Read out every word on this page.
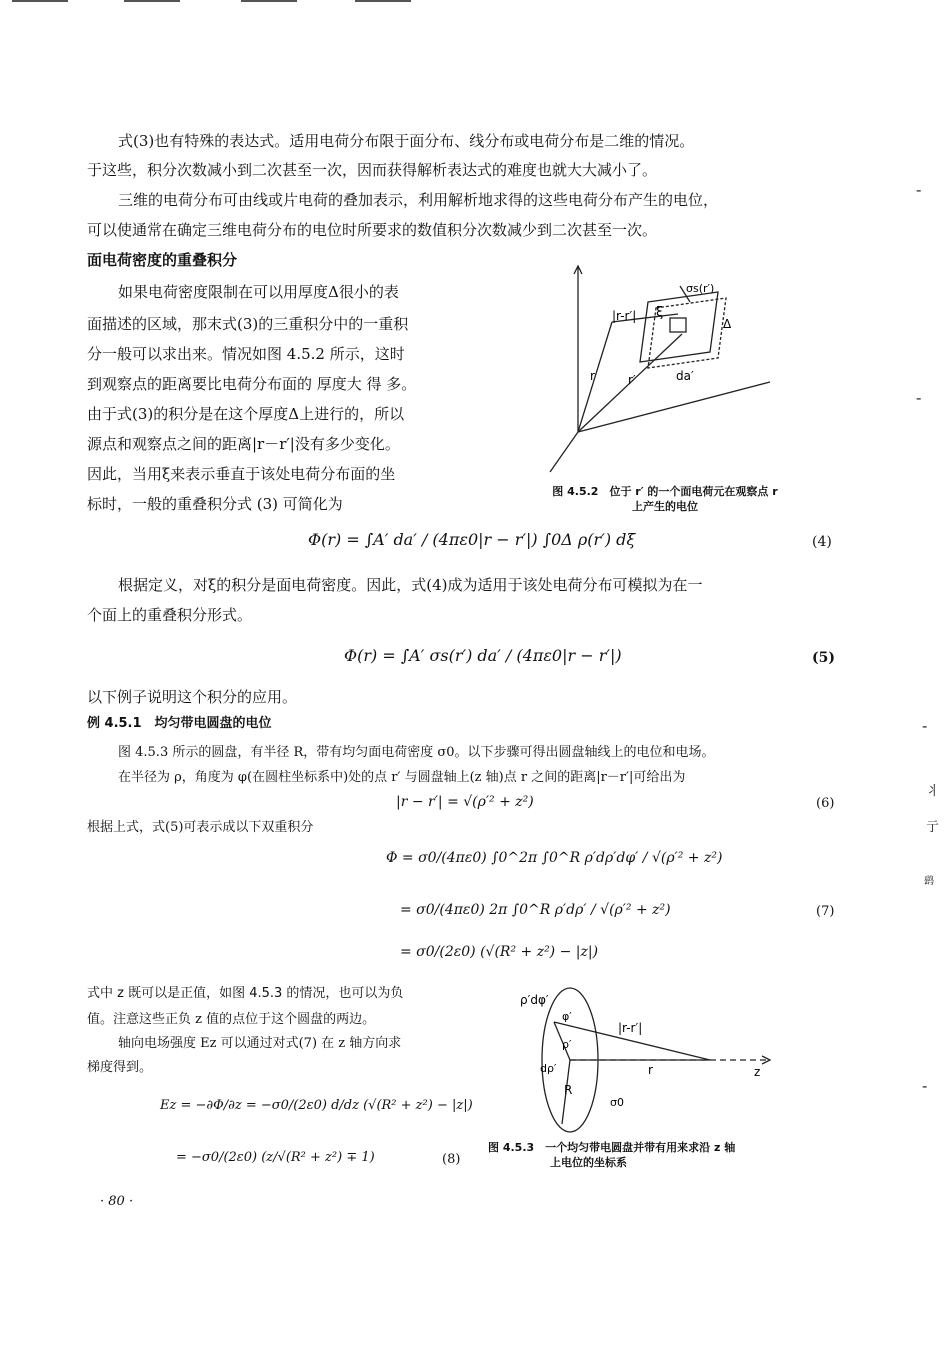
式(3)也有特殊的表达式。适用电荷分布限于面分布、线分布或电荷分布是二维的情况。
于这些，积分次数减小到二次甚至一次，因而获得解析表达式的难度也就大大减小了。
三维的电荷分布可由线或片电荷的叠加表示，利用解析地求得的这些电荷分布产生的电位，
可以使通常在确定三维电荷分布的电位时所要求的数值积分次数减少到二次甚至一次。
面电荷密度的重叠积分
如果电荷密度限制在可以用厚度Δ很小的表
面描述的区域，那末式(3)的三重积分中的一重积
分一般可以求出来。情况如图 4.5.2 所示，这时
到观察点的距离要比电荷分布面的 厚度大 得 多。
由于式(3)的积分是在这个厚度Δ上进行的，所以
源点和观察点之间的距离|r－r′|没有多少变化。
因此，当用ξ来表示垂直于该处电荷分布面的坐
标时，一般的重叠积分式 (3) 可简化为
σs(r′)
|r-r′| ξ
Δ
r	r′	da′
图 4.5.2　位于 r′ 的一个面电荷元在观察点 r
上产生的电位
Φ(r) = ∫A′ da′ / (4πε0|r − r′|) ∫0Δ ρ(r′) dξ	(4)
根据定义，对ξ的积分是面电荷密度。因此，式(4)成为适用于该处电荷分布可模拟为在一
个面上的重叠积分形式。
Φ(r) = ∫A′ σs(r′) da′ / (4πε0|r − r′|)	(5)
以下例子说明这个积分的应用。
例 4.5.1　均匀带电圆盘的电位
图 4.5.3 所示的圆盘，有半径 R，带有均匀面电荷密度 σ0。以下步骤可得出圆盘轴线上的电位和电场。
在半径为 ρ，角度为 φ(在圆柱坐标系中)处的点 r′ 与圆盘轴上(z 轴)点 r 之间的距离|r－r′|可给出为
|r − r′| = √(ρ′² + z²)	(6)
根据上式，式(5)可表示成以下双重积分
Φ = σ0/(4πε0) ∫0^2π ∫0^R ρ′dρ′dφ′ / √(ρ′² + z²)
= σ0/(4πε0) 2π ∫0^R ρ′dρ′ / √(ρ′² + z²)
= σ0/(2ε0) (√(R² + z²) − |z|)
(7)
式中 z 既可以是正值，如图 4.5.3 的情况，也可以为负
值。注意这些正负 z 值的点位于这个圆盘的两边。
轴向电场强度 Ez 可以通过对式(7) 在 z 轴方向求
梯度得到。
Ez = −∂Φ/∂z = −σ0/(2ε0) d/dz (√(R² + z²) − |z|)
= −σ0/(2ε0) (z/√(R² + z²) ∓ 1)	(8)
ρ′dφ′
φ′
ρ′
dρ′
R
σ0
|r-r′|
r	z
图 4.5.3　一个均匀带电圆盘并带有用来求沿 z 轴
上电位的坐标系
· 80 ·
-
-
-
-
丬
亍
鹞
